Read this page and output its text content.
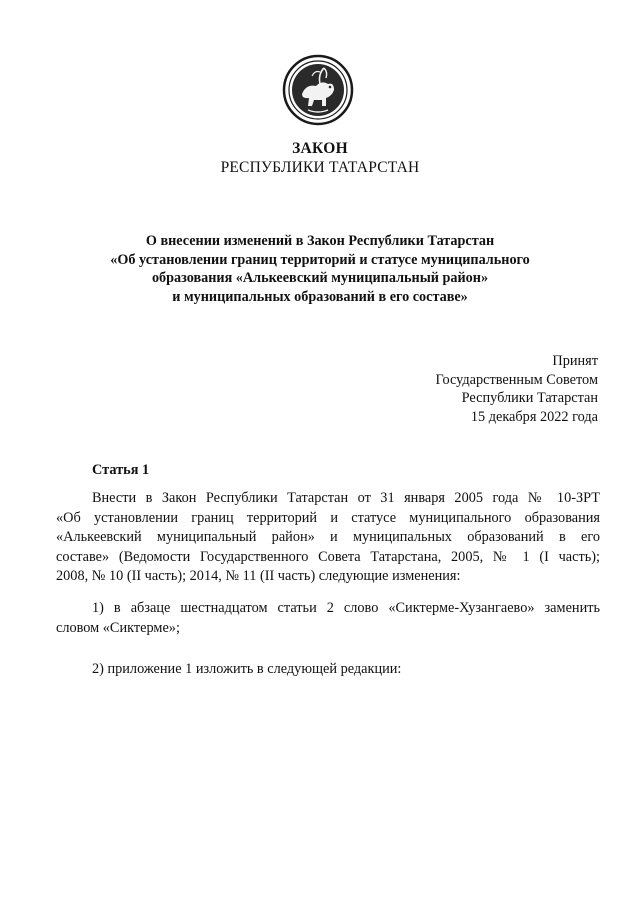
ЗАКОН
РЕСПУБЛИКИ ТАТАРСТАН
О внесении изменений в Закон Республики Татарстан
«Об установлении границ территорий и статусе муниципального
образования «Алькеевский муниципальный район»
и муниципальных образований в его составе»
Принят
Государственным Советом
Республики Татарстан
15 декабря 2022 года
Статья 1
Внести в Закон Республики Татарстан от 31 января 2005 года № 10-ЗРТ
«Об установлении границ территорий и статусе муниципального образования
«Алькеевский муниципальный район» и муниципальных образований в его
составе» (Ведомости Государственного Совета Татарстана, 2005, № 1 (I часть);
2008, № 10 (II часть); 2014, № 11 (II часть) следующие изменения:
1) в абзаце шестнадцатом статьи 2 слово «Сиктерме-Хузангаево» заменить
словом «Сиктерме»;
2) приложение 1 изложить в следующей редакции:
